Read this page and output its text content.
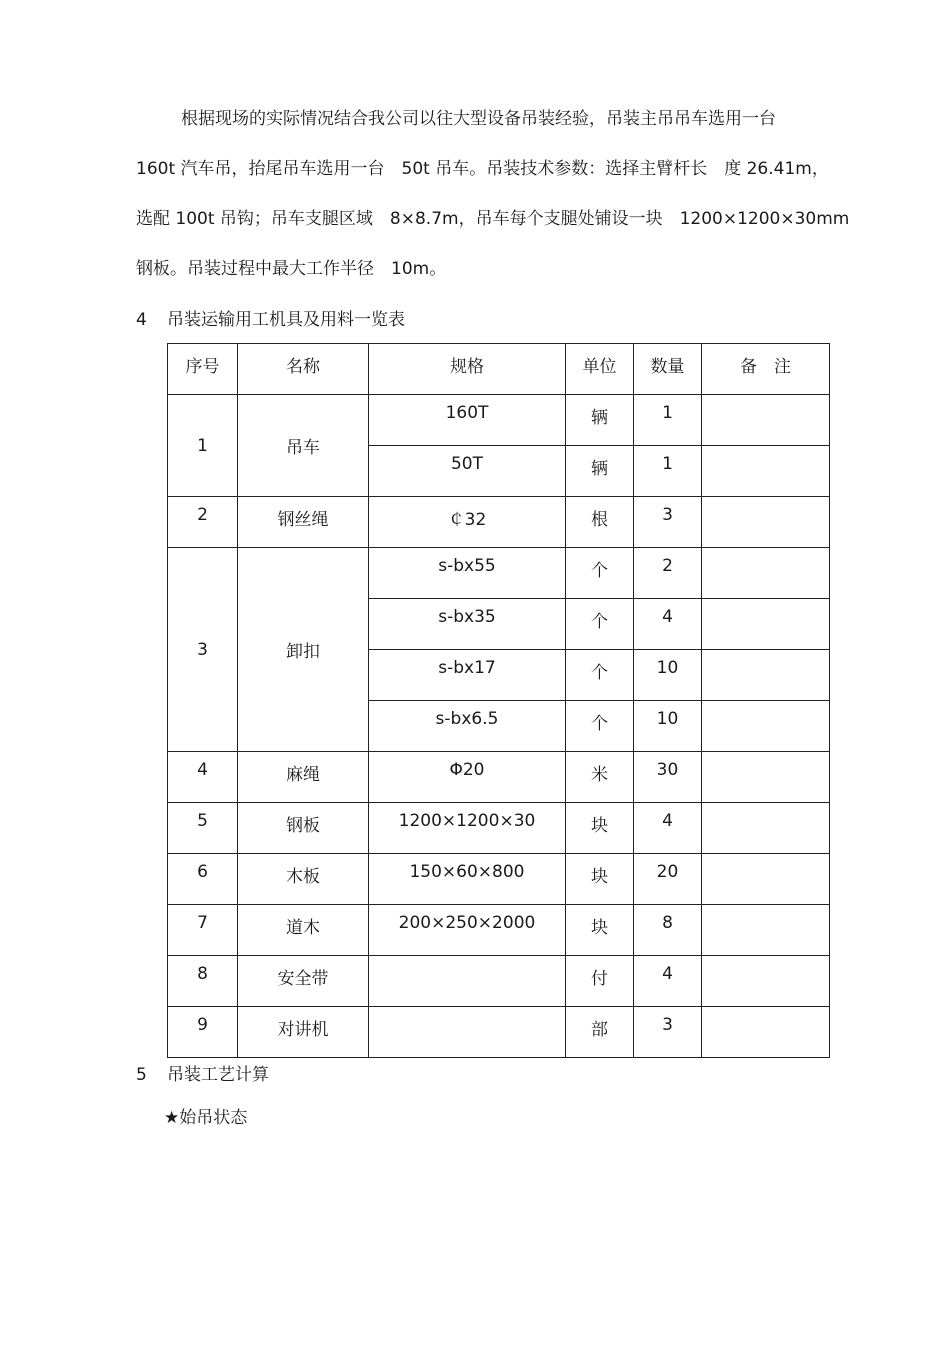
根据现场的实际情况结合我公司以往大型设备吊装经验，吊装主吊吊车选用一台
160t 汽车吊，抬尾吊车选用一台　50t 吊车。吊装技术参数：选择主臂杆长　度 26.41m，
选配 100t 吊钩；吊车支腿区域　8×8.7m，吊车每个支腿处铺设一块　1200×1200×30mm
钢板。吊装过程中最大工作半径　10m。
4 吊装运输用工机具及用料一览表
序号	名称	规格	单位	数量	备　注
1	吊车	160T	辆	1	
		50T	辆	1	
2	钢丝绳	￠32	根	3	
3	卸扣	s-bx55	个	2	
		s-bx35	个	4	
		s-bx17	个	10	
		s-bx6.5	个	10	
4	麻绳	Φ20	米	30	
5	钢板	1200×1200×30	块	4	
6	木板	150×60×800	块	20	
7	道木	200×250×2000	块	8	
8	安全带		付	4	
9	对讲机		部	3	
5 吊装工艺计算
★始吊状态
